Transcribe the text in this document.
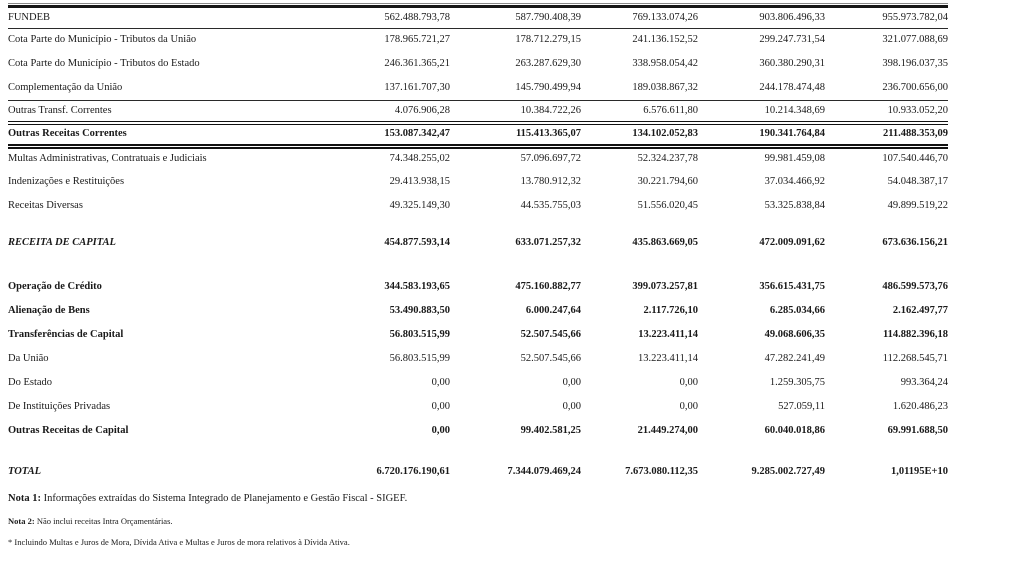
FUNDEB	562.488.793,78	587.790.408,39	769.133.074,26	903.806.496,33	955.973.782,04
Cota Parte do Município - Tributos da União	178.965.721,27	178.712.279,15	241.136.152,52	299.247.731,54	321.077.088,69
Cota Parte do Município - Tributos do Estado	246.361.365,21	263.287.629,30	338.958.054,42	360.380.290,31	398.196.037,35
Complementação da União	137.161.707,30	145.790.499,94	189.038.867,32	244.178.474,48	236.700.656,00
Outras Transf. Correntes	4.076.906,28	10.384.722,26	6.576.611,80	10.214.348,69	10.933.052,20
Outras Receitas Correntes	153.087.342,47	115.413.365,07	134.102.052,83	190.341.764,84	211.488.353,09
Multas Administrativas, Contratuais e Judiciais	74.348.255,02	57.096.697,72	52.324.237,78	99.981.459,08	107.540.446,70
Indenizações e Restituições	29.413.938,15	13.780.912,32	30.221.794,60	37.034.466,92	54.048.387,17
Receitas Diversas	49.325.149,30	44.535.755,03	51.556.020,45	53.325.838,84	49.899.519,22

RECEITA DE CAPITAL	454.877.593,14	633.071.257,32	435.863.669,05	472.009.091,62	673.636.156,21

Operação de Crédito	344.583.193,65	475.160.882,77	399.073.257,81	356.615.431,75	486.599.573,76
Alienação de Bens	53.490.883,50	6.000.247,64	2.117.726,10	6.285.034,66	2.162.497,77
Transferências de Capital	56.803.515,99	52.507.545,66	13.223.411,14	49.068.606,35	114.882.396,18
Da União	56.803.515,99	52.507.545,66	13.223.411,14	47.282.241,49	112.268.545,71
Do Estado	0,00	0,00	0,00	1.259.305,75	993.364,24
De Instituições Privadas	0,00	0,00	0,00	527.059,11	1.620.486,23
Outras Receitas de Capital	0,00	99.402.581,25	21.449.274,00	60.040.018,86	69.991.688,50

TOTAL	6.720.176.190,61	7.344.079.469,24	7.673.080.112,35	9.285.002.727,49	1,01195E+10

Nota 1: Informações extraídas do Sistema Integrado de Planejamento e Gestão Fiscal - SIGEF.

Nota 2: Não inclui receitas Intra Orçamentárias.

* Incluindo Multas e Juros de Mora, Dívida Ativa e Multas e Juros de mora relativos à Dívida Ativa.
